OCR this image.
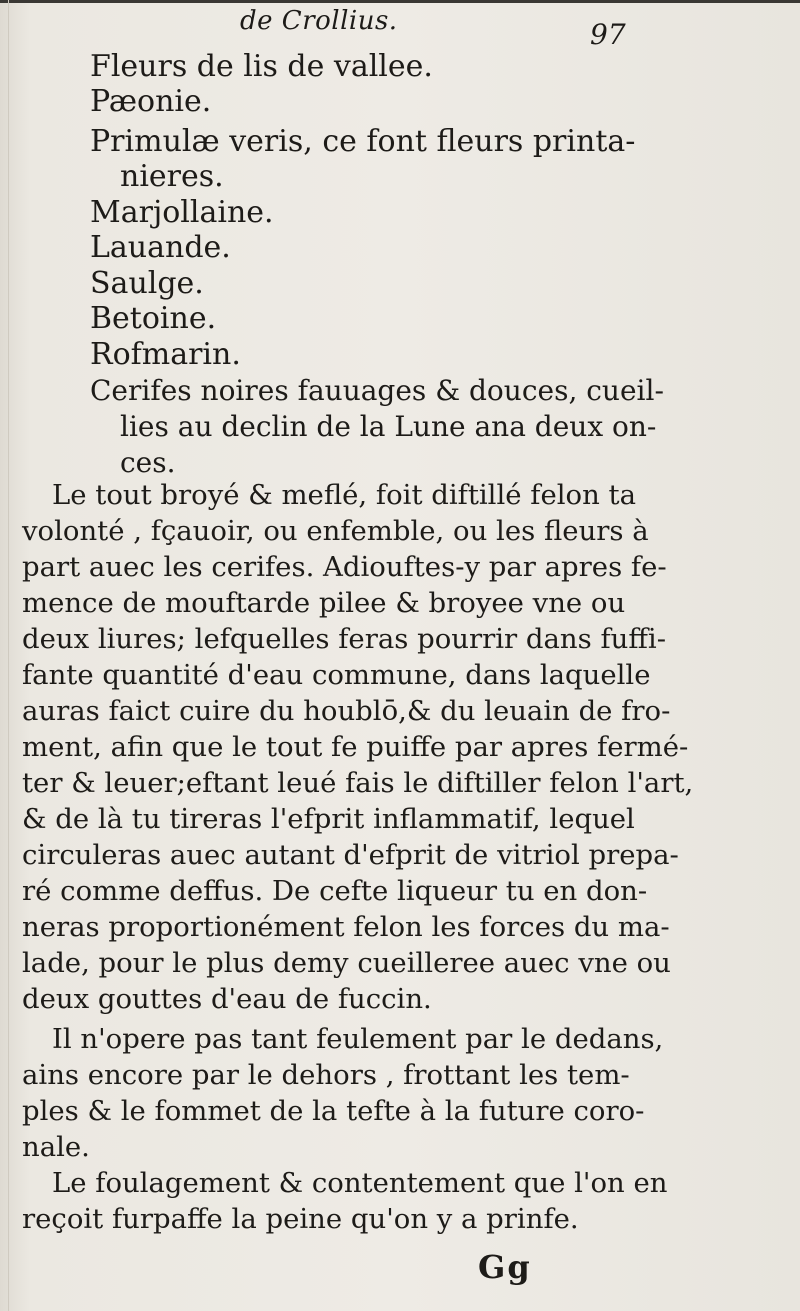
de Crollius.	97
Fleurs de lis de vallee.
Pæonie.
Primulæ veris, ce font fleurs printa-
nieres.
Marjollaine.
Lauande.
Saulge.
Betoine.
Rofmarin.
Cerifes noires fauuages & douces, cueil-
lies au declin de la Lune ana deux on-
ces.
Le tout broyé & meflé, foit diftillé felon ta
volonté , fçauoir, ou enfemble, ou les fleurs à
part auec les cerifes. Adiouftes-y par apres fe-
mence de mouftarde pilee & broyee vne ou
deux liures; lefquelles feras pourrir dans fuffi-
fante quantité d'eau commune, dans laquelle
auras faict cuire du houblō,& du leuain de fro-
ment, afin que le tout fe puiffe par apres fermé-
ter & leuer;eftant leué fais le diftiller felon l'art,
& de là tu tireras l'efprit inflammatif, lequel
circuleras auec autant d'efprit de vitriol prepa-
ré comme deffus. De cefte liqueur tu en don-
neras proportionément felon les forces du ma-
lade, pour le plus demy cueilleree auec vne ou
deux gouttes d'eau de fuccin.
Il n'opere pas tant feulement par le dedans,
ains encore par le dehors , frottant les tem-
ples & le fommet de la tefte à la future coro-
nale.
Le foulagement & contentement que l'on en
reçoit furpaffe la peine qu'on y a prinfe.
Gg
